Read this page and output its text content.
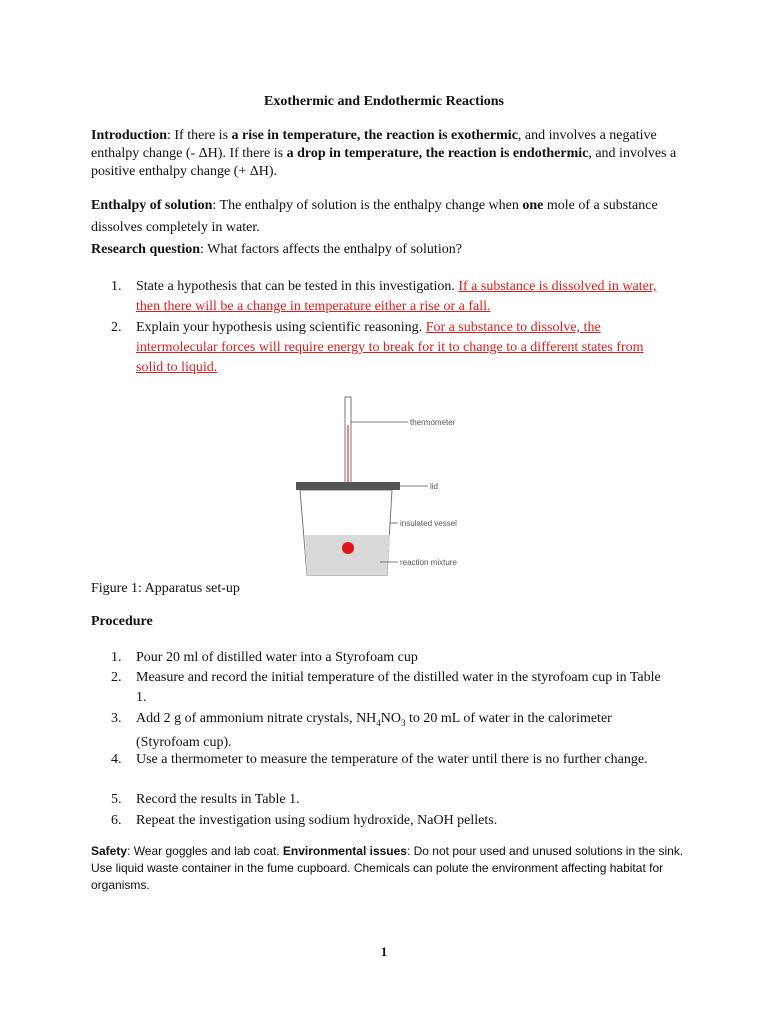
Exothermic and Endothermic Reactions
Introduction: If there is a rise in temperature, the reaction is exothermic, and involves a negative enthalpy change (- ΔH). If there is a drop in temperature, the reaction is endothermic, and involves a positive enthalpy change (+ ΔH).
Enthalpy of solution: The enthalpy of solution is the enthalpy change when one mole of a substance dissolves completely in water.
Research question: What factors affects the enthalpy of solution?
1.	State a hypothesis that can be tested in this investigation. If a substance is dissolved in water, then there will be a change in temperature either a rise or a fall.
2.	Explain your hypothesis using scientific reasoning. For a substance to dissolve, the intermolecular forces will require energy to break for it to change to a different states from solid to liquid.
thermometer
lid
insulated vessel
reaction mixture
Figure 1: Apparatus set-up
Procedure
1.	Pour 20 ml of distilled water into a Styrofoam cup
2.	Measure and record the initial temperature of the distilled water in the styrofoam cup in Table 1.
3.	Add 2 g of ammonium nitrate crystals, $NH_4NO_3$ to 20 mL of water in the calorimeter (Styrofoam cup).
4.	Use a thermometer to measure the temperature of the water until there is no further change.
5.	Record the results in Table 1.
6.	Repeat the investigation using sodium hydroxide, NaOH pellets.
Safety: Wear goggles and lab coat. Environmental issues: Do not pour used and unused solutions in the sink. Use liquid waste container in the fume cupboard. Chemicals can polute the environment affecting habitat for organisms.
1
